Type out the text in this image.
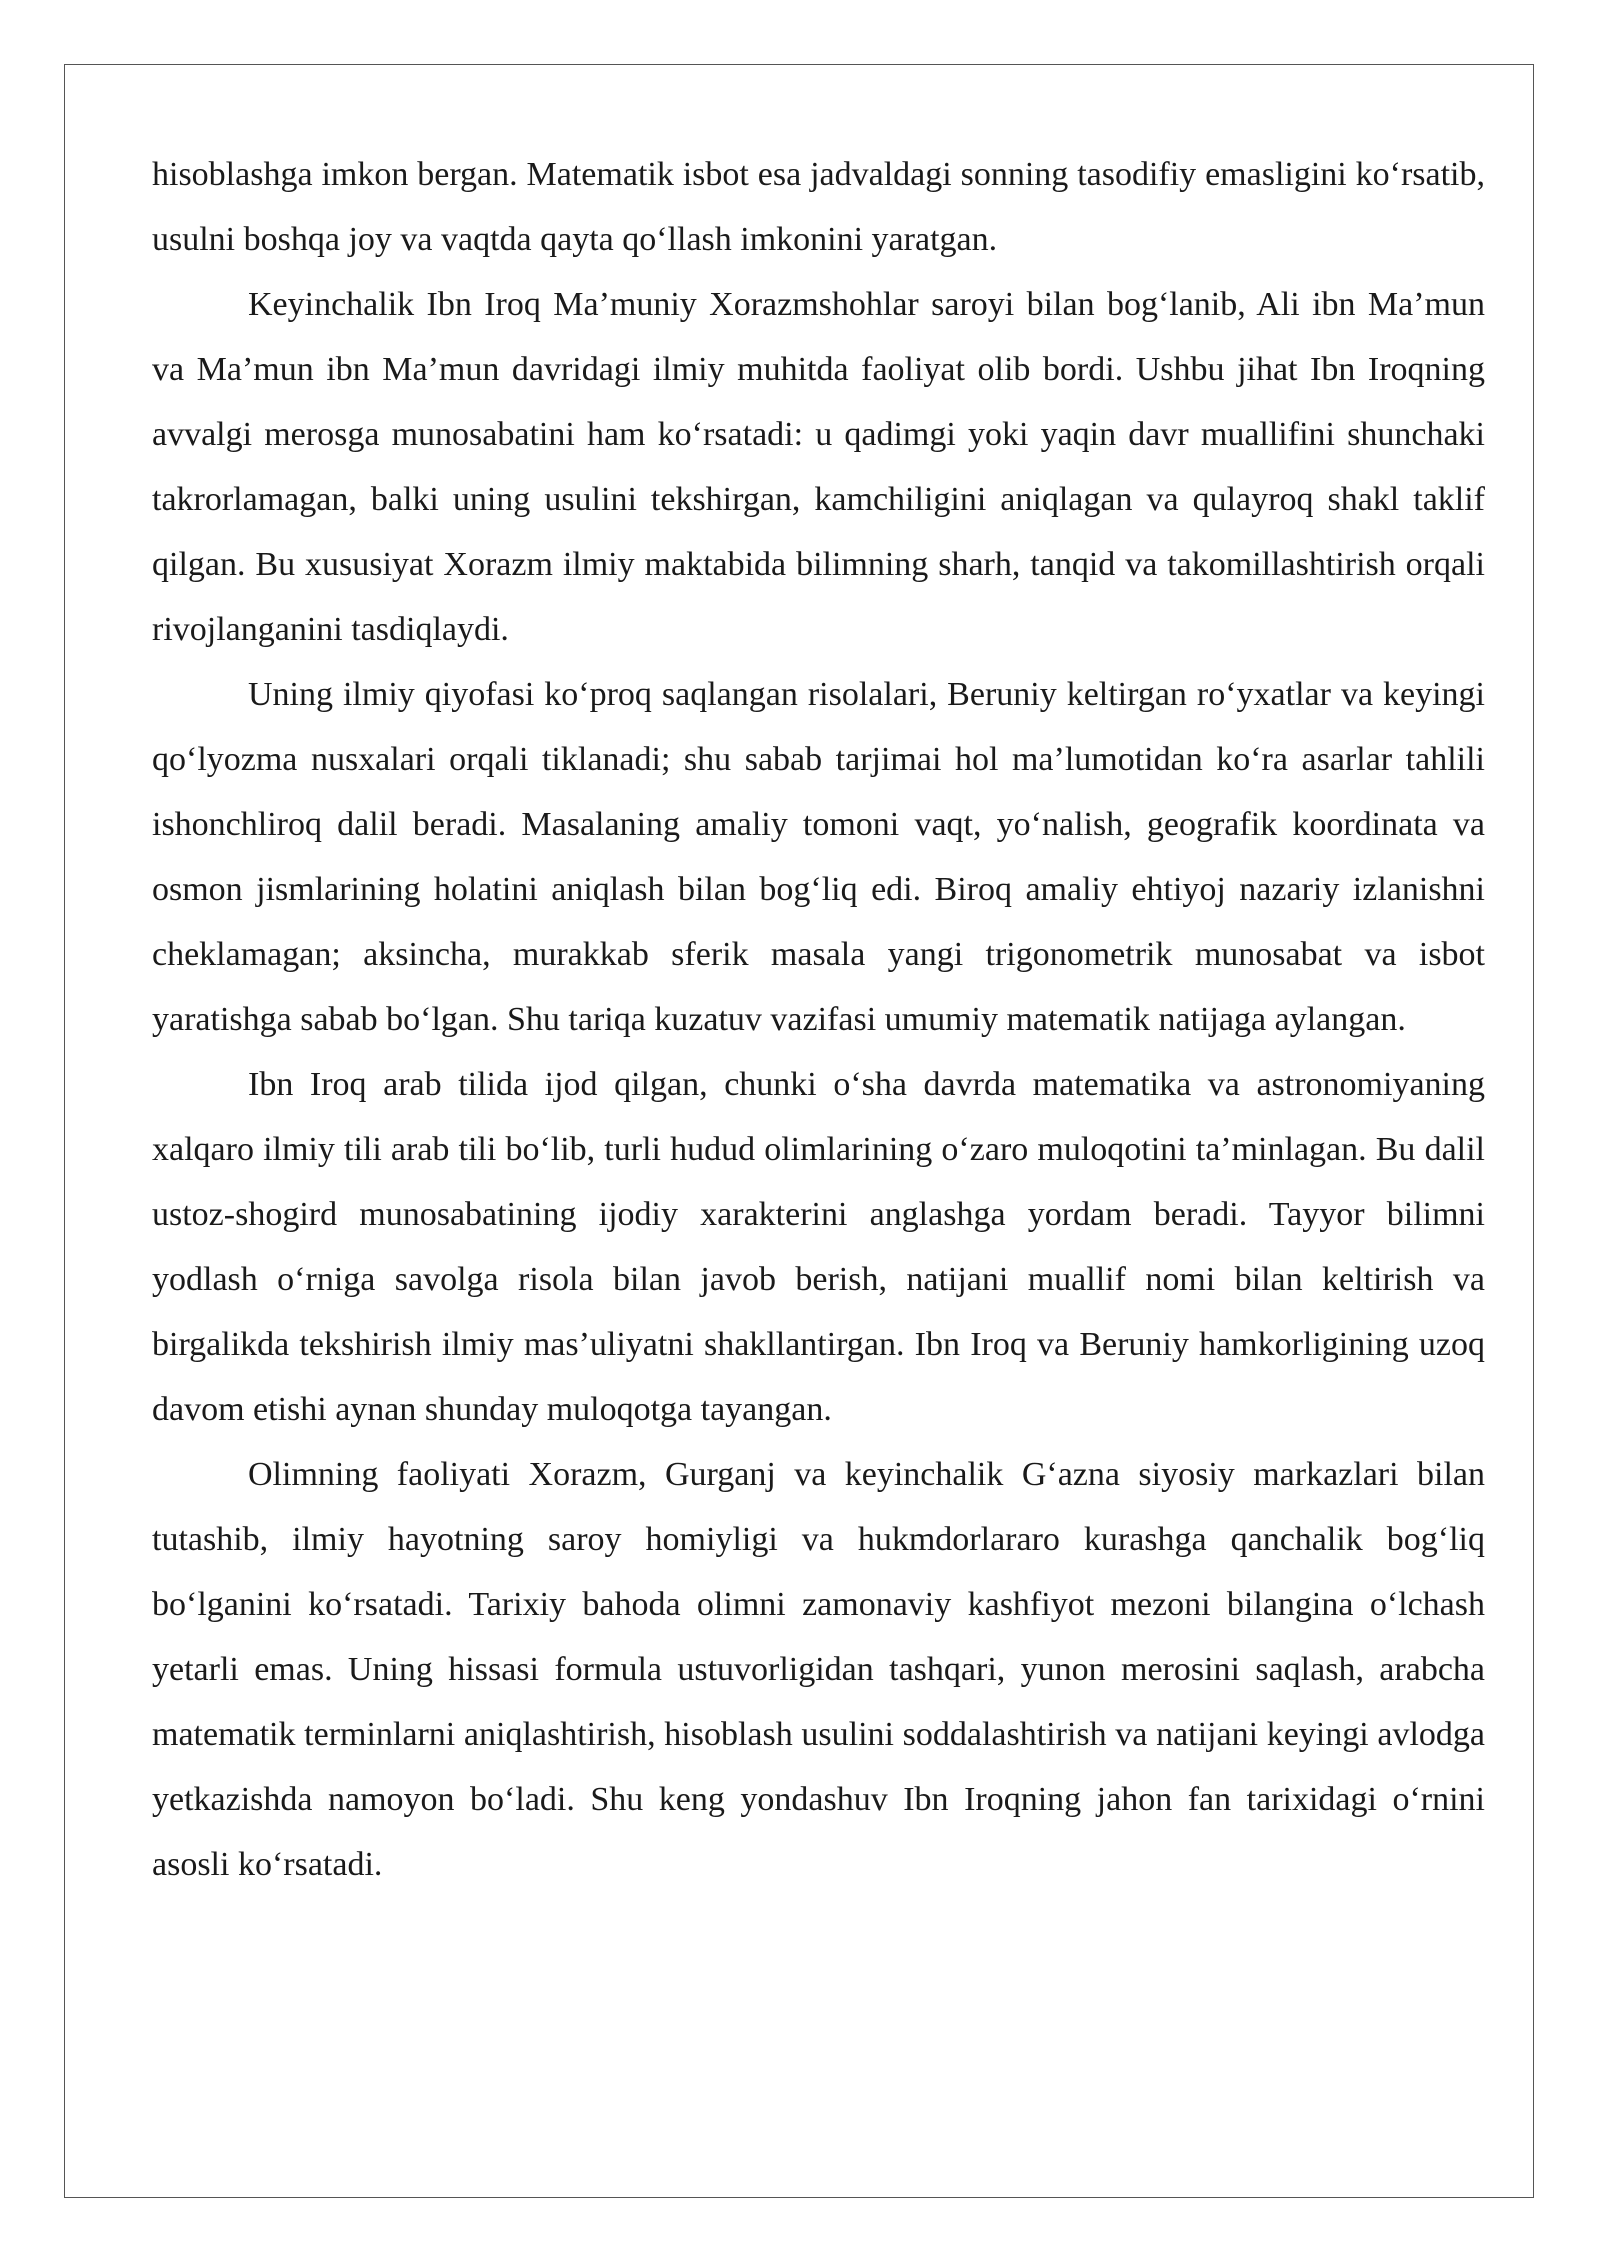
hisoblashga imkon bergan. Matematik isbot esa jadvaldagi sonning tasodifiy emasligini ko‘rsatib, usulni boshqa joy va vaqtda qayta qo‘llash imkonini yaratgan.

Keyinchalik Ibn Iroq Ma’muniy Xorazmshohlar saroyi bilan bog‘lanib, Ali ibn Ma’mun va Ma’mun ibn Ma’mun davridagi ilmiy muhitda faoliyat olib bordi. Ushbu jihat Ibn Iroqning avvalgi merosga munosabatini ham ko‘rsatadi: u qadimgi yoki yaqin davr muallifini shunchaki takrorlamagan, balki uning usulini tekshirgan, kamchiligini aniqlagan va qulayroq shakl taklif qilgan. Bu xususiyat Xorazm ilmiy maktabida bilimning sharh, tanqid va takomillashtirish orqali rivojlanganini tasdiqlaydi.

Uning ilmiy qiyofasi ko‘proq saqlangan risolalari, Beruniy keltirgan ro‘yxatlar va keyingi qo‘lyozma nusxalari orqali tiklanadi; shu sabab tarjimai hol ma’lumotidan ko‘ra asarlar tahlili ishonchliroq dalil beradi. Masalaning amaliy tomoni vaqt, yo‘nalish, geografik koordinata va osmon jismlarining holatini aniqlash bilan bog‘liq edi. Biroq amaliy ehtiyoj nazariy izlanishni cheklamagan; aksincha, murakkab sferik masala yangi trigonometrik munosabat va isbot yaratishga sabab bo‘lgan. Shu tariqa kuzatuv vazifasi umumiy matematik natijaga aylangan.

Ibn Iroq arab tilida ijod qilgan, chunki o‘sha davrda matematika va astronomiyaning xalqaro ilmiy tili arab tili bo‘lib, turli hudud olimlarining o‘zaro muloqotini ta’minlagan. Bu dalil ustoz-shogird munosabatining ijodiy xarakterini anglashga yordam beradi. Tayyor bilimni yodlash o‘rniga savolga risola bilan javob berish, natijani muallif nomi bilan keltirish va birgalikda tekshirish ilmiy mas’uliyatni shakllantirgan. Ibn Iroq va Beruniy hamkorligining uzoq davom etishi aynan shunday muloqotga tayangan.

Olimning faoliyati Xorazm, Gurganj va keyinchalik G‘azna siyosiy markazlari bilan tutashib, ilmiy hayotning saroy homiyligi va hukmdorlararo kurashga qanchalik bog‘liq bo‘lganini ko‘rsatadi. Tarixiy bahoda olimni zamonaviy kashfiyot mezoni bilangina o‘lchash yetarli emas. Uning hissasi formula ustuvorligidan tashqari, yunon merosini saqlash, arabcha matematik terminlarni aniqlashtirish, hisoblash usulini soddalashtirish va natijani keyingi avlodga yetkazishda namoyon bo‘ladi. Shu keng yondashuv Ibn Iroqning jahon fan tarixidagi o‘rnini asosli ko‘rsatadi.
